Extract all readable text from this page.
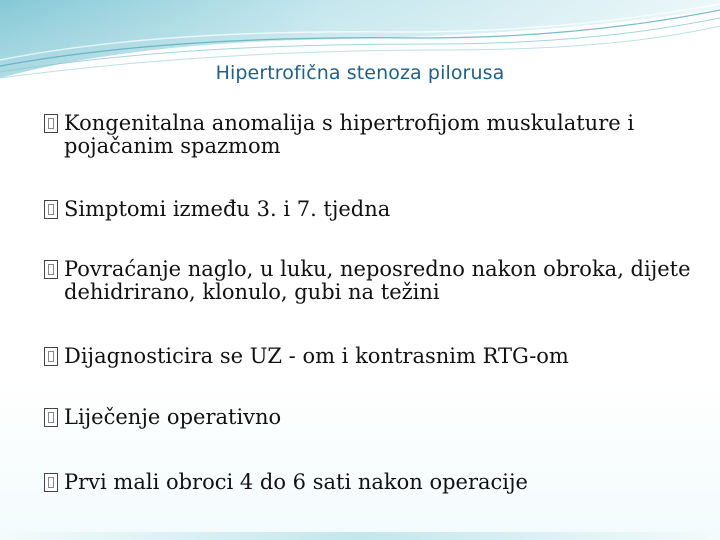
Hipertrofična stenoza pilorusa
Kongenitalna anomalija s hipertrofijom muskulature i pojačanim spazmom
Simptomi između 3. i 7. tjedna
Povraćanje naglo, u luku, neposredno nakon obroka, dijete dehidrirano, klonulo, gubi na težini
Dijagnosticira se UZ - om i kontrasnim RTG-om
Liječenje operativno
Prvi mali obroci 4 do 6 sati nakon operacije
